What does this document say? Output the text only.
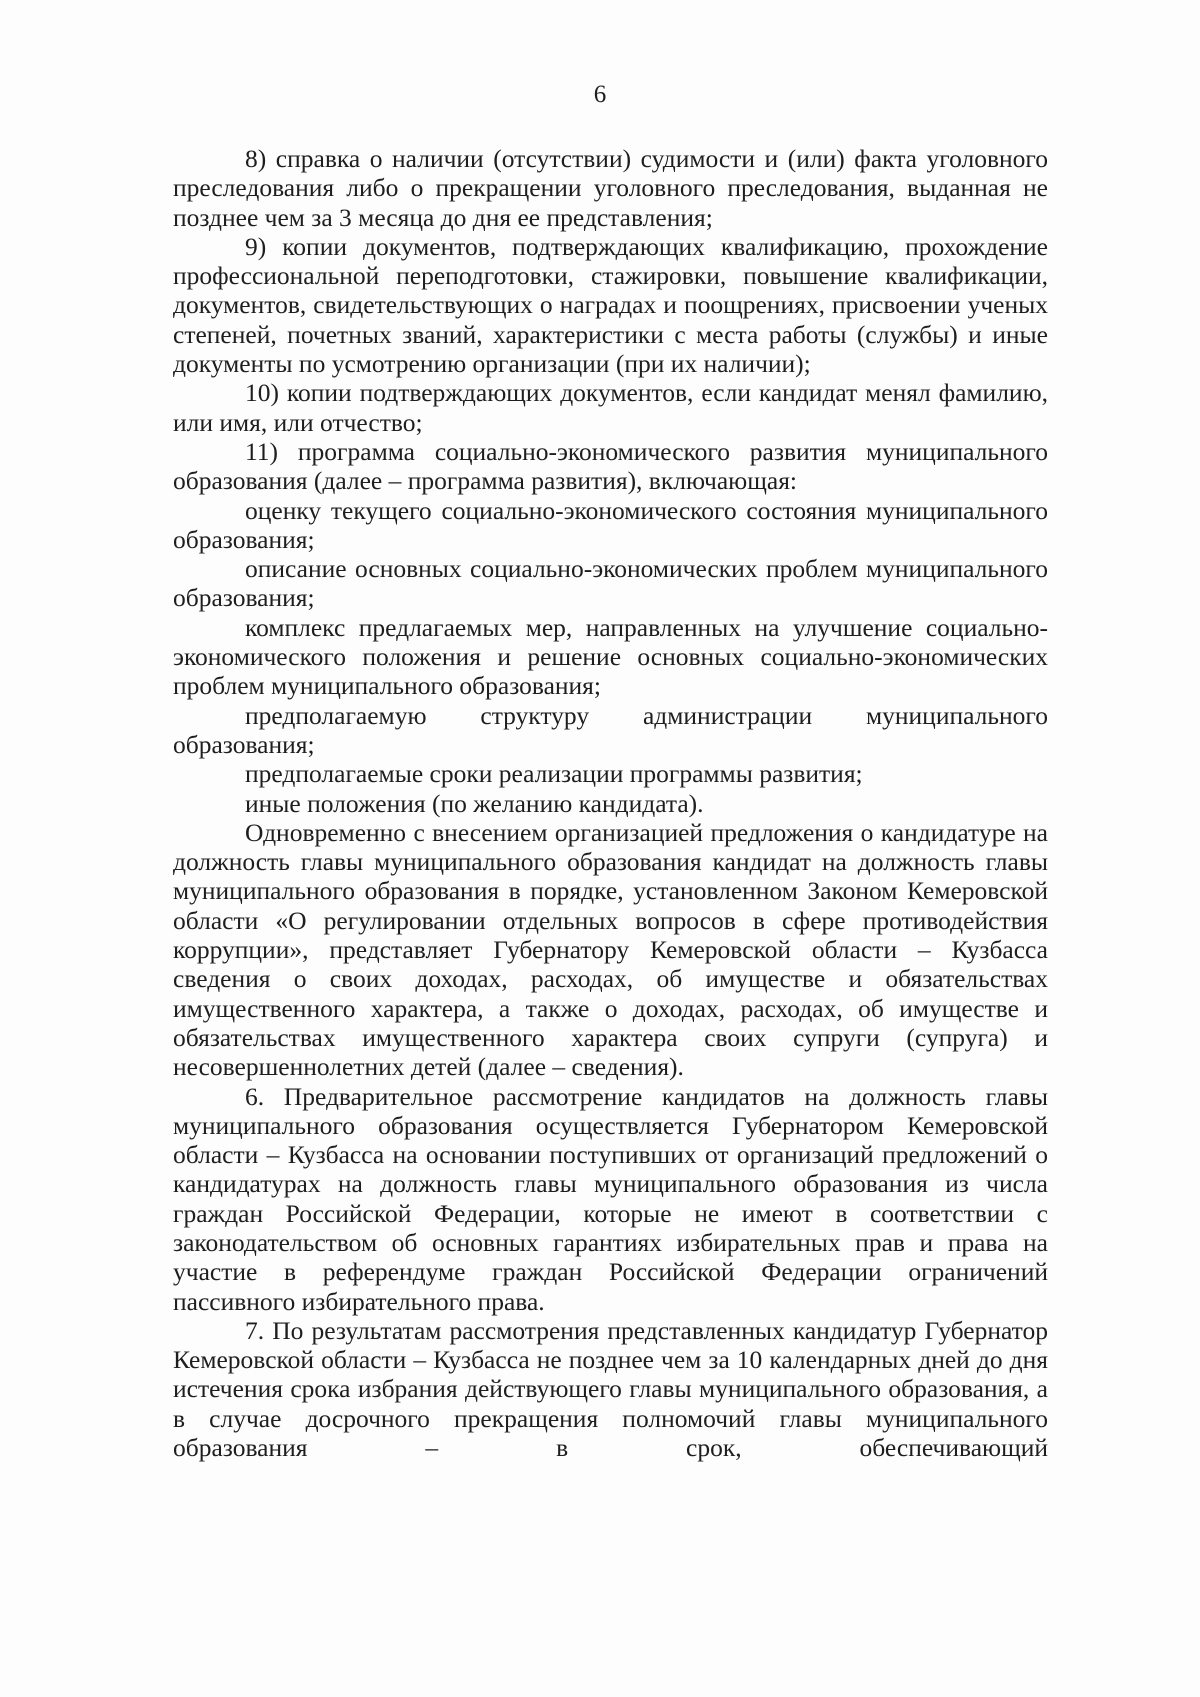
6

8) справка о наличии (отсутствии) судимости и (или) факта уголовного преследования либо о прекращении уголовного преследования, выданная не позднее чем за 3 месяца до дня ее представления;

9) копии документов, подтверждающих квалификацию, прохождение профессиональной переподготовки, стажировки, повышение квалификации, документов, свидетельствующих о наградах и поощрениях, присвоении ученых степеней, почетных званий, характеристики с места работы (службы) и иные документы по усмотрению организации (при их наличии);

10) копии подтверждающих документов, если кандидат менял фамилию, или имя, или отчество;

11) программа социально-экономического развития муниципального образования (далее – программа развития), включающая:

оценку текущего социально-экономического состояния муниципального образования;

описание основных социально-экономических проблем муниципального образования;

комплекс предлагаемых мер, направленных на улучшение социально-экономического положения и решение основных социально-экономических проблем муниципального образования;

предполагаемую структуру администрации муниципального образования;

предполагаемые сроки реализации программы развития;

иные положения (по желанию кандидата).

Одновременно с внесением организацией предложения о кандидатуре на должность главы муниципального образования кандидат на должность главы муниципального образования в порядке, установленном Законом Кемеровской области «О регулировании отдельных вопросов в сфере противодействия коррупции», представляет Губернатору Кемеровской области – Кузбасса сведения о своих доходах, расходах, об имуществе и обязательствах имущественного характера, а также о доходах, расходах, об имуществе и обязательствах имущественного характера своих супруги (супруга) и несовершеннолетних детей (далее – сведения).

6. Предварительное рассмотрение кандидатов на должность главы муниципального образования осуществляется Губернатором Кемеровской области – Кузбасса на основании поступивших от организаций предложений о кандидатурах на должность главы муниципального образования из числа граждан Российской Федерации, которые не имеют в соответствии с законодательством об основных гарантиях избирательных прав и права на участие в референдуме граждан Российской Федерации ограничений пассивного избирательного права.

7. По результатам рассмотрения представленных кандидатур Губернатор Кемеровской области – Кузбасса не позднее чем за 10 календарных дней до дня истечения срока избрания действующего главы муниципального образования, а в случае досрочного прекращения полномочий главы муниципального образования – в срок, обеспечивающий
